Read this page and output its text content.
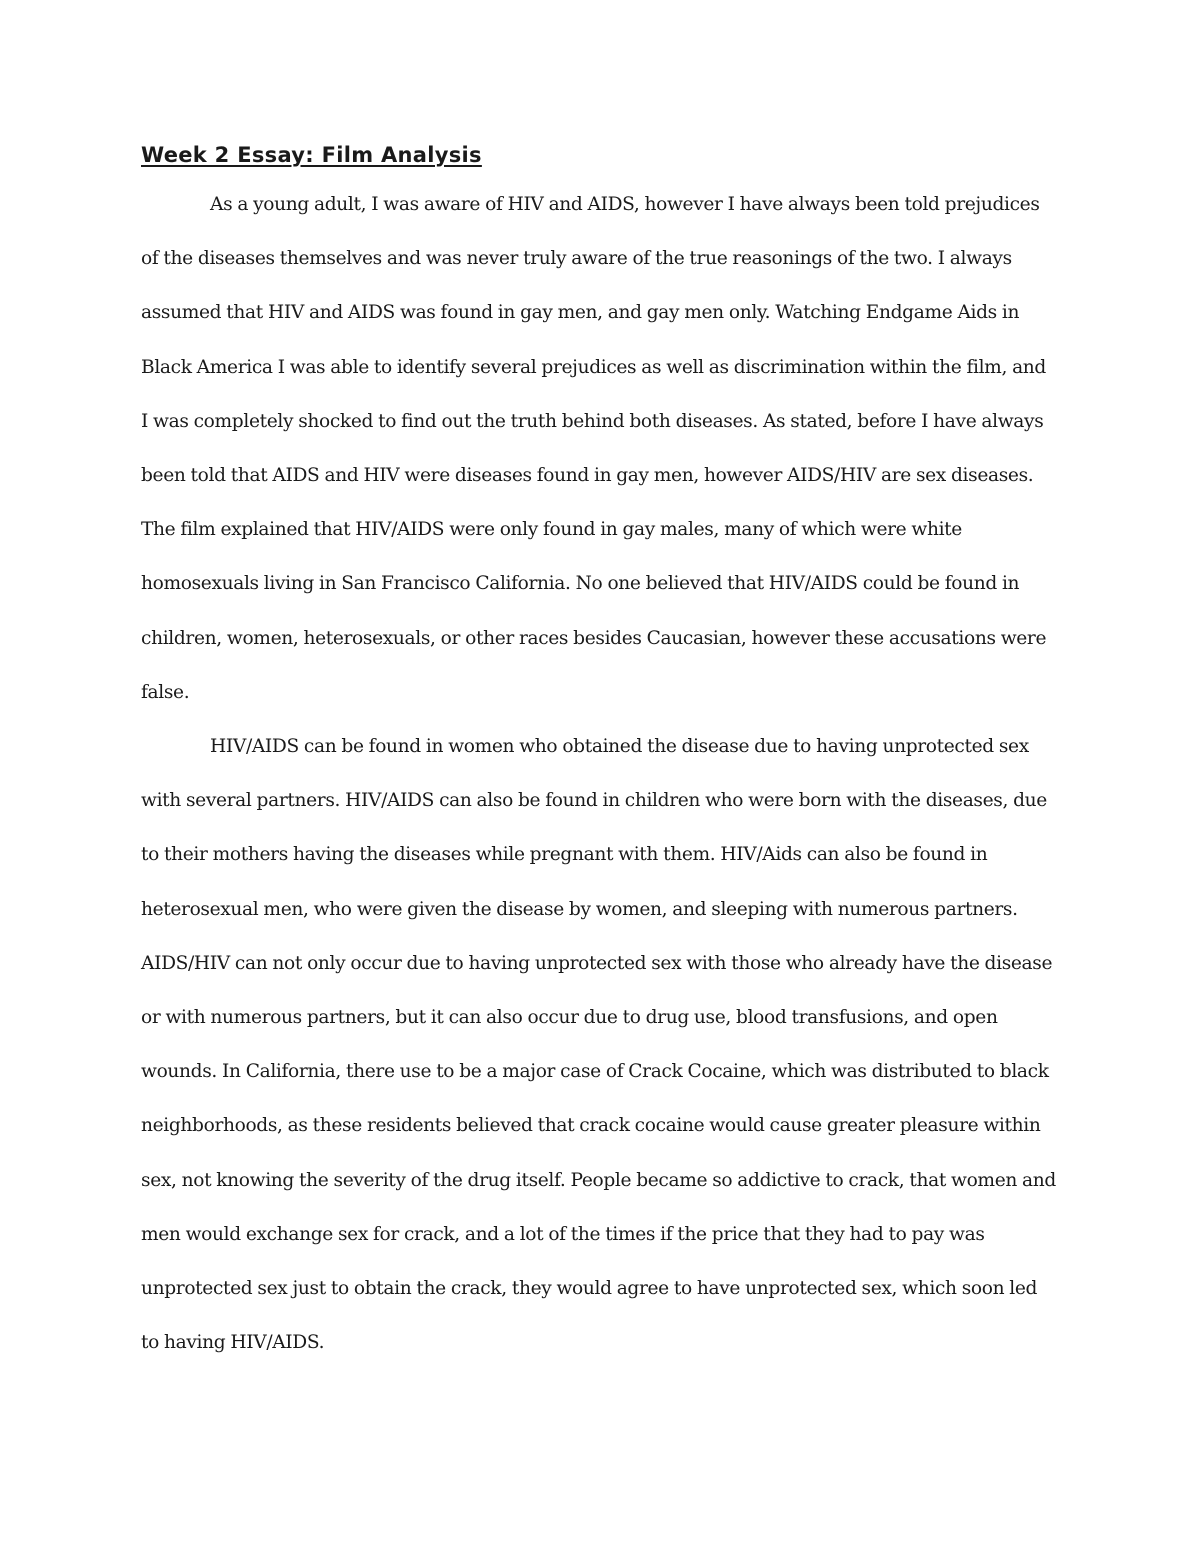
Week 2 Essay: Film Analysis

As a young adult, I was aware of HIV and AIDS, however I have always been told prejudices of the diseases themselves and was never truly aware of the true reasonings of the two. I always assumed that HIV and AIDS was found in gay men, and gay men only. Watching Endgame Aids in Black America I was able to identify several prejudices as well as discrimination within the film, and I was completely shocked to find out the truth behind both diseases. As stated, before I have always been told that AIDS and HIV were diseases found in gay men, however AIDS/HIV are sex diseases. The film explained that HIV/AIDS were only found in gay males, many of which were white homosexuals living in San Francisco California. No one believed that HIV/AIDS could be found in children, women, heterosexuals, or other races besides Caucasian, however these accusations were false.

HIV/AIDS can be found in women who obtained the disease due to having unprotected sex with several partners. HIV/AIDS can also be found in children who were born with the diseases, due to their mothers having the diseases while pregnant with them. HIV/Aids can also be found in heterosexual men, who were given the disease by women, and sleeping with numerous partners. AIDS/HIV can not only occur due to having unprotected sex with those who already have the disease or with numerous partners, but it can also occur due to drug use, blood transfusions, and open wounds. In California, there use to be a major case of Crack Cocaine, which was distributed to black neighborhoods, as these residents believed that crack cocaine would cause greater pleasure within sex, not knowing the severity of the drug itself. People became so addictive to crack, that women and men would exchange sex for crack, and a lot of the times if the price that they had to pay was unprotected sex just to obtain the crack, they would agree to have unprotected sex, which soon led to having HIV/AIDS.
